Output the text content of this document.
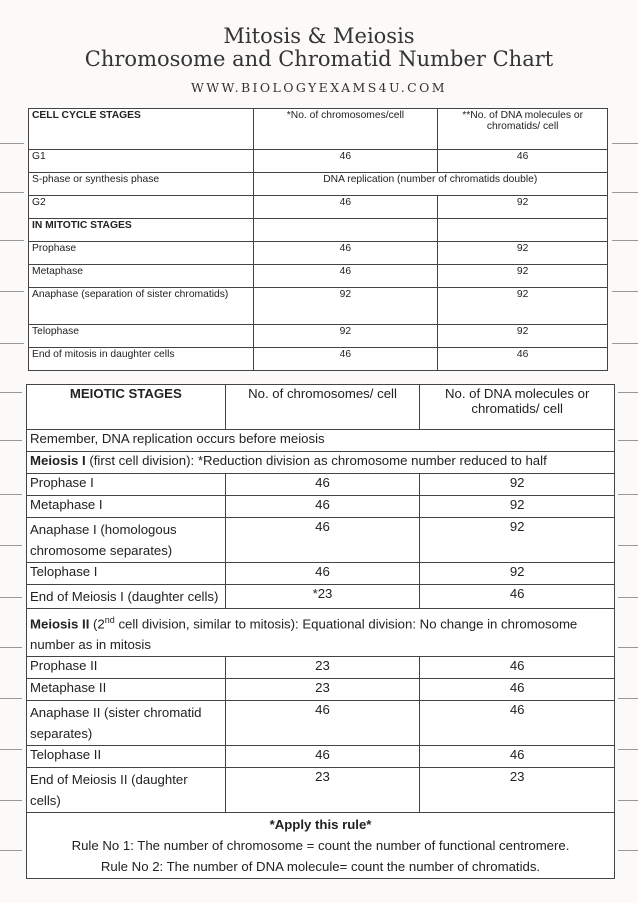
Mitosis & Meiosis
Chromosome and Chromatid Number Chart
WWW.BIOLOGYEXAMS4U.COM
CELL CYCLE STAGES	*No. of chromosomes/cell	**No. of DNA molecules or chromatids/ cell
G1	46	46
S-phase or synthesis phase	DNA replication (number of chromatids double)	
G2	46	92
IN MITOTIC STAGES		
Prophase	46	92
Metaphase	46	92
Anaphase (separation of sister chromatids)	92	92
Telophase	92	92
End of mitosis in daughter cells	46	46
MEIOTIC STAGES	No. of chromosomes/ cell	No. of DNA molecules or chromatids/ cell
Remember, DNA replication occurs before meiosis		
Meiosis I (first cell division): *Reduction division as chromosome number reduced to half		
Prophase I	46	92
Metaphase I	46	92
Anaphase I (homologous chromosome separates)	46	92
Telophase I	46	92
End of Meiosis I (daughter cells)	*23	46
Meiosis II (2nd cell division, similar to mitosis): Equational division: No change in chromosome number as in mitosis		
Prophase II	23	46
Metaphase II	23	46
Anaphase II (sister chromatid separates)	46	46
Telophase II	46	46
End of Meiosis II (daughter cells)	23	23

*Apply this rule*
Rule No 1: The number of chromosome = count the number of functional centromere.
Rule No 2: The number of DNA molecule= count the number of chromatids.		
